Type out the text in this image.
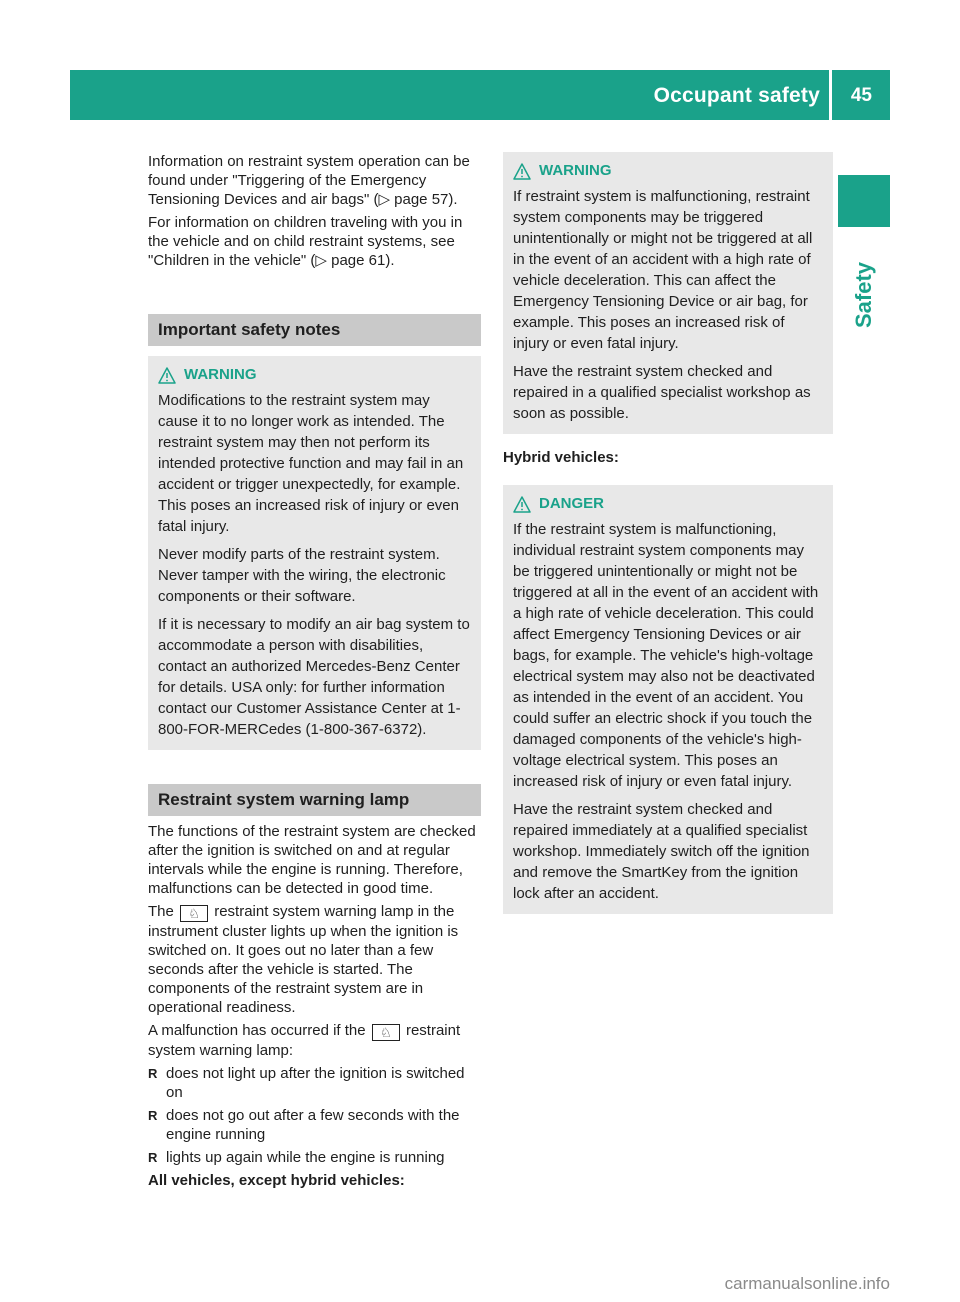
Occupant safety 45
Safety

Information on restraint system operation can be found under "Triggering of the Emergency Tensioning Devices and air bags" (▷ page 57).

For information on children traveling with you in the vehicle and on child restraint systems, see "Children in the vehicle" (▷ page 61).

Important safety notes
WARNING

Modifications to the restraint system may cause it to no longer work as intended. The restraint system may then not perform its intended protective function and may fail in an accident or trigger unexpectedly, for example. This poses an increased risk of injury or even fatal injury.

Never modify parts of the restraint system. Never tamper with the wiring, the electronic components or their software.

If it is necessary to modify an air bag system to accommodate a person with disabilities, contact an authorized Mercedes-Benz Center for details. USA only: for further information contact our Customer Assistance Center at 1-800-FOR-MERCedes (1-800-367-6372).

Restraint system warning lamp

The functions of the restraint system are checked after the ignition is switched on and at regular intervals while the engine is running. Therefore, malfunctions can be detected in good time.

The ♘ restraint system warning lamp in the instrument cluster lights up when the ignition is switched on. It goes out no later than a few seconds after the vehicle is started. The components of the restraint system are in operational readiness.

A malfunction has occurred if the ♘ restraint system warning lamp:

R does not light up after the ignition is switched on
R does not go out after a few seconds with the engine running
R lights up again while the engine is running

All vehicles, except hybrid vehicles:

WARNING

If restraint system is malfunctioning, restraint system components may be triggered unintentionally or might not be triggered at all in the event of an accident with a high rate of vehicle deceleration. This can affect the Emergency Tensioning Device or air bag, for example. This poses an increased risk of injury or even fatal injury.

Have the restraint system checked and repaired in a qualified specialist workshop as soon as possible.

Hybrid vehicles:

DANGER

If the restraint system is malfunctioning, individual restraint system components may be triggered unintentionally or might not be triggered at all in the event of an accident with a high rate of vehicle deceleration. This could affect Emergency Tensioning Devices or air bags, for example. The vehicle's high-voltage electrical system may also not be deactivated as intended in the event of an accident. You could suffer an electric shock if you touch the damaged components of the vehicle's high-voltage electrical system. This poses an increased risk of injury or even fatal injury.

Have the restraint system checked and repaired immediately at a qualified specialist workshop. Immediately switch off the ignition and remove the SmartKey from the ignition lock after an accident.

carmanualsonline.info
